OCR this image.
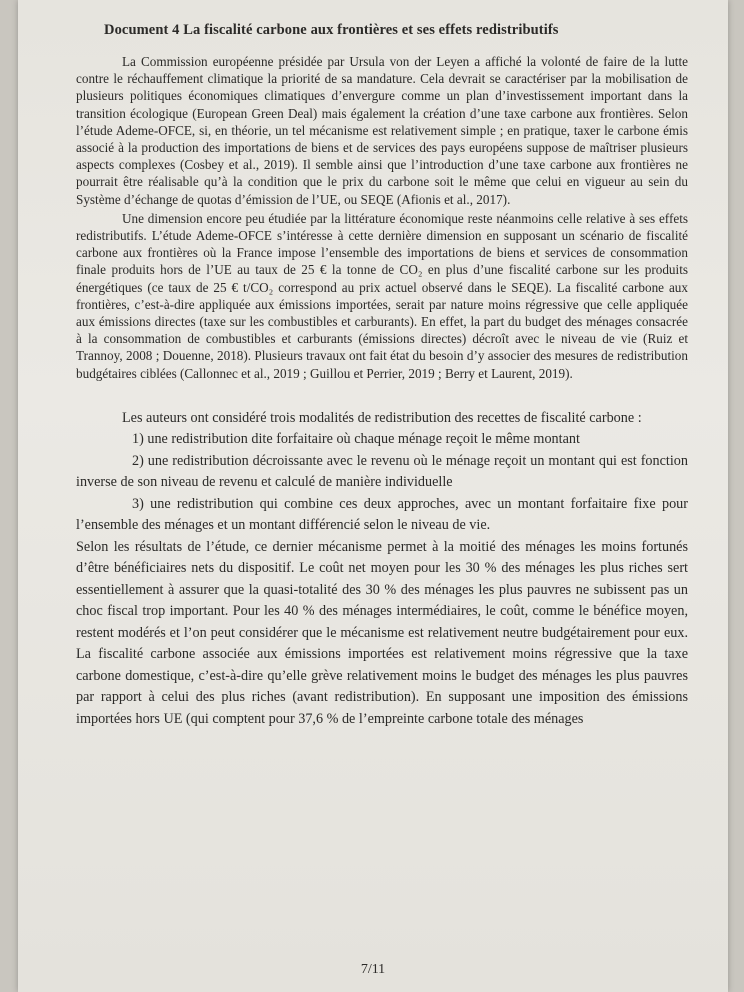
Document 4 La fiscalité carbone aux frontières et ses effets redistributifs

La Commission européenne présidée par Ursula von der Leyen a affiché la volonté de faire de la lutte contre le réchauffement climatique la priorité de sa mandature. Cela devrait se caractériser par la mobilisation de plusieurs politiques économiques climatiques d’envergure comme un plan d’investissement important dans la transition écologique (European Green Deal) mais également la création d’une taxe carbone aux frontières. Selon l’étude Ademe-OFCE, si, en théorie, un tel mécanisme est relativement simple ; en pratique, taxer le carbone émis associé à la production des importations de biens et de services des pays européens suppose de maîtriser plusieurs aspects complexes (Cosbey et al., 2019). Il semble ainsi que l’introduction d’une taxe carbone aux frontières ne pourrait être réalisable qu’à la condition que le prix du carbone soit le même que celui en vigueur au sein du Système d’échange de quotas d’émission de l’UE, ou SEQE (Afionis et al., 2017).

Une dimension encore peu étudiée par la littérature économique reste néanmoins celle relative à ses effets redistributifs. L’étude Ademe-OFCE s’intéresse à cette dernière dimension en supposant un scénario de fiscalité carbone aux frontières où la France impose l’ensemble des importations de biens et services de consommation finale produits hors de l’UE au taux de 25 € la tonne de CO₂ en plus d’une fiscalité carbone sur les produits énergétiques (ce taux de 25 € t/CO₂ correspond au prix actuel observé dans le SEQE). La fiscalité carbone aux frontières, c’est-à-dire appliquée aux émissions importées, serait par nature moins régressive que celle appliquée aux émissions directes (taxe sur les combustibles et carburants). En effet, la part du budget des ménages consacrée à la consommation de combustibles et carburants (émissions directes) décroît avec le niveau de vie (Ruiz et Trannoy, 2008 ; Douenne, 2018). Plusieurs travaux ont fait état du besoin d’y associer des mesures de redistribution budgétaires ciblées (Callonnec et al., 2019 ; Guillou et Perrier, 2019 ; Berry et Laurent, 2019).

Les auteurs ont considéré trois modalités de redistribution des recettes de fiscalité carbone :

1) une redistribution dite forfaitaire où chaque ménage reçoit le même montant

2) une redistribution décroissante avec le revenu où le ménage reçoit un montant qui est fonction inverse de son niveau de revenu et calculé de manière individuelle

3) une redistribution qui combine ces deux approches, avec un montant forfaitaire fixe pour l’ensemble des ménages et un montant différencié selon le niveau de vie.

Selon les résultats de l’étude, ce dernier mécanisme permet à la moitié des ménages les moins fortunés d’être bénéficiaires nets du dispositif. Le coût net moyen pour les 30 % des ménages les plus riches sert essentiellement à assurer que la quasi-totalité des 30 % des ménages les plus pauvres ne subissent pas un choc fiscal trop important. Pour les 40 % des ménages intermédiaires, le coût, comme le bénéfice moyen, restent modérés et l’on peut considérer que le mécanisme est relativement neutre budgétairement pour eux. La fiscalité carbone associée aux émissions importées est relativement moins régressive que la taxe carbone domestique, c’est-à-dire qu’elle grève relativement moins le budget des ménages les plus pauvres par rapport à celui des plus riches (avant redistribution). En supposant une imposition des émissions importées hors UE (qui comptent pour 37,6 % de l’empreinte carbone totale des ménages

7/11
